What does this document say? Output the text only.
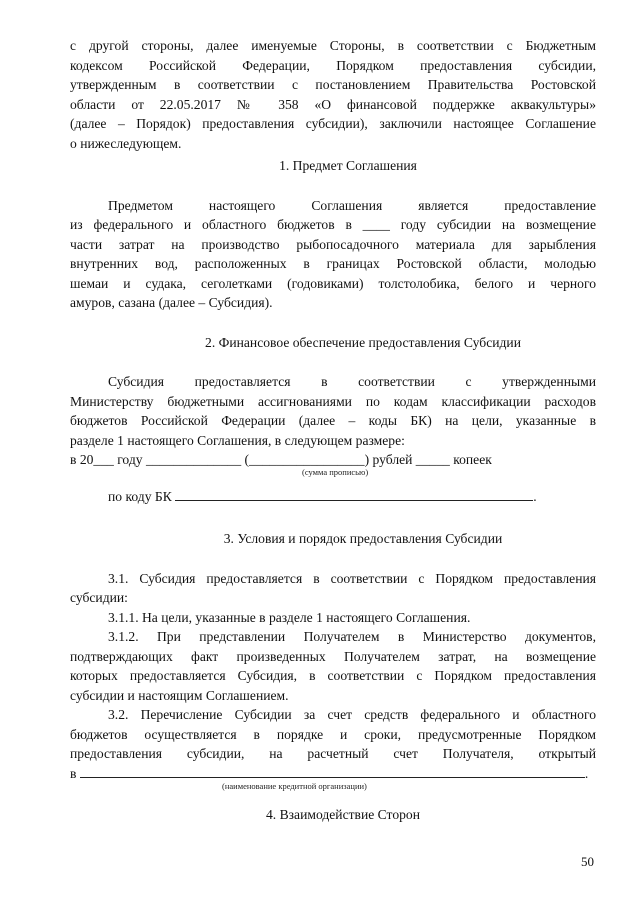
с другой стороны, далее именуемые Стороны, в соответствии с Бюджетным

кодексом Российской Федерации, Порядком предоставления субсидии,

утвержденным в соответствии с постановлением Правительства Ростовской

области от 22.05.2017 № 358 «О финансовой поддержке аквакультуры»

(далее – Порядок) предоставления субсидии), заключили настоящее Соглашение

о нижеследующем.

1. Предмет Соглашения

Предметом настоящего Соглашения является предоставление

из федерального и областного бюджетов в ____ году субсидии на возмещение

части затрат на производство рыбопосадочного материала для зарыбления

внутренних вод, расположенных в границах Ростовской области, молодью

шемаи и судака, сеголетками (годовиками) толстолобика, белого и черного

амуров, сазана (далее – Субсидия).

2. Финансовое обеспечение предоставления Субсидии

Субсидия предоставляется в соответствии с утвержденными

Министерству бюджетными ассигнованиями по кодам классификации расходов

бюджетов Российской Федерации (далее – коды БК) на цели, указанные в

разделе 1 настоящего Соглашения, в следующем размере:

в 20___ году ______________ (_________________) рублей _____ копеек

(сумма прописью)

по коду БК	.

3. Условия и порядок предоставления Субсидии

3.1. Субсидия предоставляется в соответствии с Порядком предоставления

субсидии:

3.1.1. На цели, указанные в разделе 1 настоящего Соглашения.

3.1.2. При представлении Получателем в Министерство документов,

подтверждающих факт произведенных Получателем затрат, на возмещение

которых предоставляется Субсидия, в соответствии с Порядком предоставления

субсидии и настоящим Соглашением.

3.2. Перечисление Субсидии за счет средств федерального и областного

бюджетов осуществляется в порядке и сроки, предусмотренные Порядком

предоставления субсидии, на расчетный счет Получателя, открытый

в	.

(наименование кредитной организации)

4. Взаимодействие Сторон

50
